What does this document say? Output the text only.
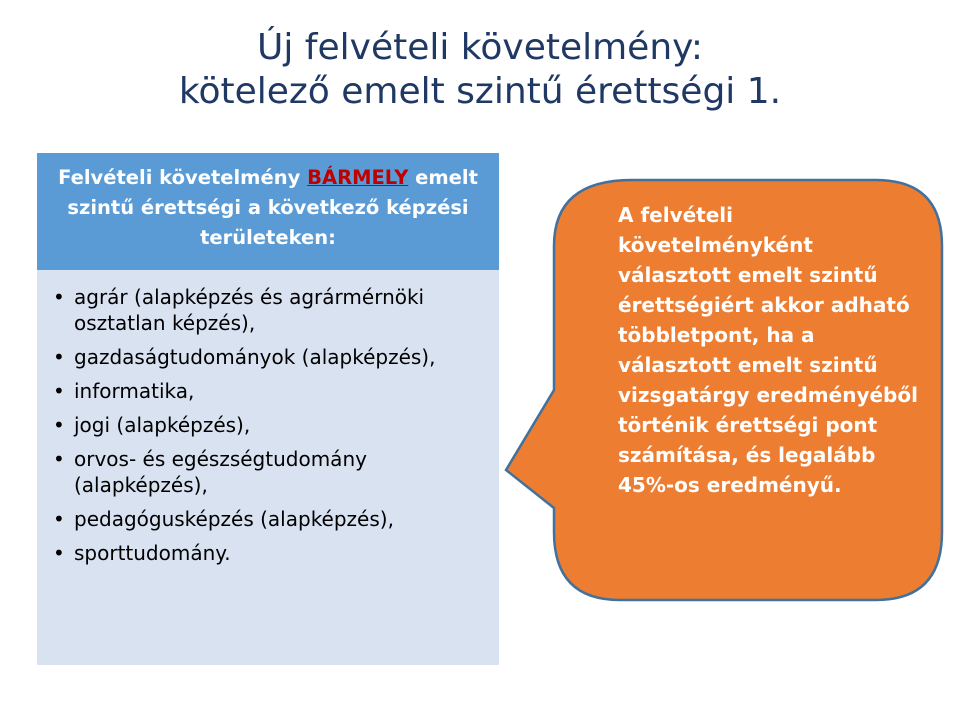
Új felvételi követelmény:
kötelező emelt szintű érettségi 1.
Felvételi követelmény BÁRMELY emelt szintű érettségi a következő képzési területeken:
• agrár (alapképzés és agrármérnöki osztatlan képzés),
• gazdaságtudományok (alapképzés),
• informatika,
• jogi (alapképzés),
• orvos- és egészségtudomány (alapképzés),
• pedagógusképzés (alapképzés),
• sporttudomány.
A felvételi követelményként választott emelt szintű érettségiért akkor adható többletpont, ha a választott emelt szintű vizsgatárgy eredményéből történik érettségi pont számítása, és legalább 45%-os eredményű.
